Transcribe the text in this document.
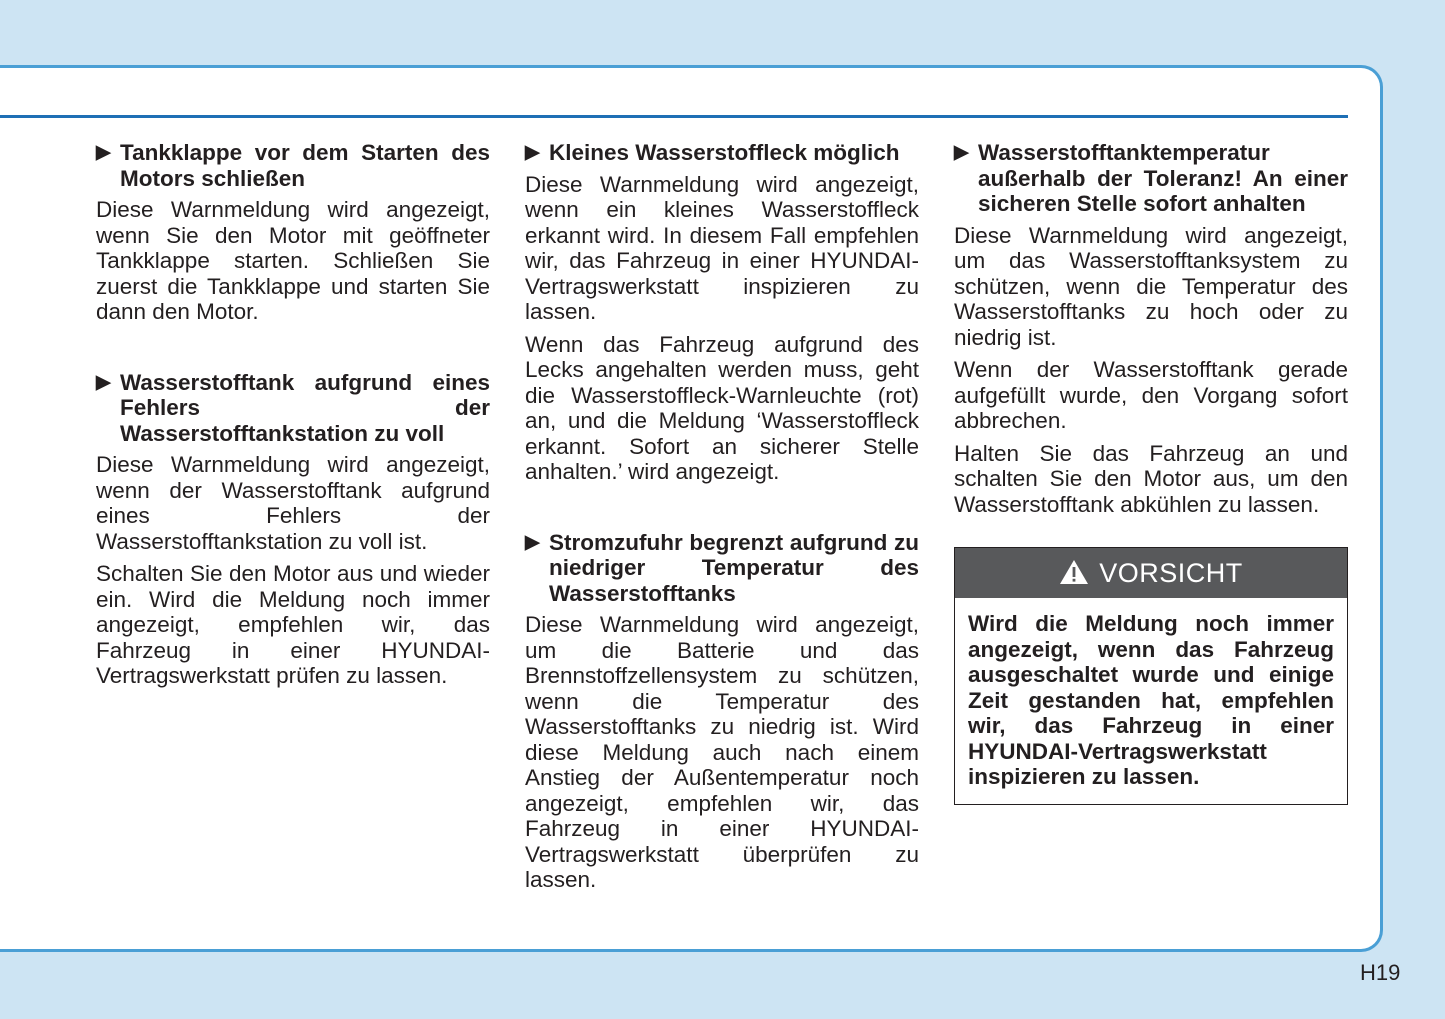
▶ Tankklappe vor dem Starten des Motors schließen

Diese Warnmeldung wird angezeigt, wenn Sie den Motor mit geöffneter Tankklappe starten. Schließen Sie zuerst die Tankklappe und starten Sie dann den Motor.

▶ Wasserstofftank aufgrund eines Fehlers der Wasserstofftankstation zu voll

Diese Warnmeldung wird angezeigt, wenn der Wasserstofftank aufgrund eines Fehlers der Wasserstofftankstation zu voll ist.

Schalten Sie den Motor aus und wieder ein. Wird die Meldung noch immer angezeigt, empfehlen wir, das Fahrzeug in einer HYUNDAI-Vertragswerkstatt prüfen zu lassen.

▶ Kleines Wasserstoffleck möglich

Diese Warnmeldung wird angezeigt, wenn ein kleines Wasserstoffleck erkannt wird. In diesem Fall empfehlen wir, das Fahrzeug in einer HYUNDAI-Vertragswerkstatt inspizieren zu lassen.

Wenn das Fahrzeug aufgrund des Lecks angehalten werden muss, geht die Wasserstoffleck-Warnleuchte (rot) an, und die Meldung ‘Wasserstoffleck erkannt. Sofort an sicherer Stelle anhalten.’ wird angezeigt.

▶ Stromzufuhr begrenzt aufgrund zu niedriger Temperatur des Wasserstofftanks

Diese Warnmeldung wird angezeigt, um die Batterie und das Brennstoffzellensystem zu schützen, wenn die Temperatur des Wasserstofftanks zu niedrig ist. Wird diese Meldung auch nach einem Anstieg der Außentemperatur noch angezeigt, empfehlen wir, das Fahrzeug in einer HYUNDAI-Vertragswerkstatt überprüfen zu lassen.

▶ Wasserstofftanktemperatur außerhalb der Toleranz! An einer sicheren Stelle sofort anhalten

Diese Warnmeldung wird angezeigt, um das Wasserstofftanksystem zu schützen, wenn die Temperatur des Wasserstofftanks zu hoch oder zu niedrig ist.

Wenn der Wasserstofftank gerade aufgefüllt wurde, den Vorgang sofort abbrechen.

Halten Sie das Fahrzeug an und schalten Sie den Motor aus, um den Wasserstofftank abkühlen zu lassen.

VORSICHT
Wird die Meldung noch immer angezeigt, wenn das Fahrzeug ausgeschaltet wurde und einige Zeit gestanden hat, empfehlen wir, das Fahrzeug in einer HYUNDAI-Vertragswerkstatt inspizieren zu lassen.
H19
